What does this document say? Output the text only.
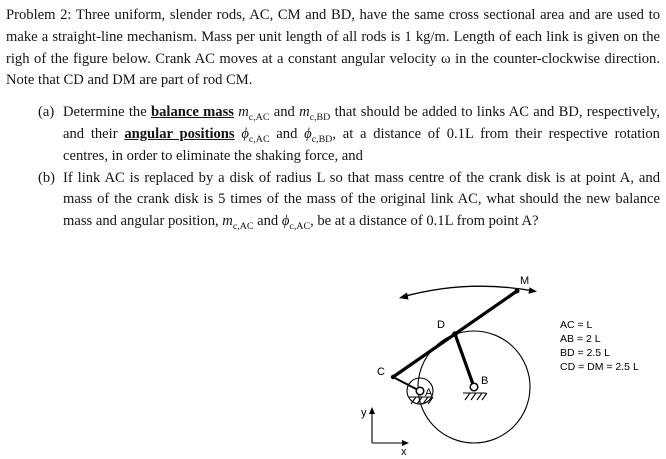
Problem 2: Three uniform, slender rods, AC, CM and BD, have the same cross sectional area and are used to make a straight-line mechanism. Mass per unit length of all rods is 1 kg/m. Length of each link is given on the righ of the figure below. Crank AC moves at a constant angular velocity ω in the counter-clockwise direction. Note that CD and DM are part of rod CM.

(a) Determine the balance mass $m_{c,AC}$ and $m_{c,BD}$ that should be added to links AC and BD, respectively, and their angular positions $\phi_{c,AC}$ and $\phi_{c,BD}$, at a distance of 0.1L from their respective rotation centres, in order to eliminate the shaking force, and

(b) If link AC is replaced by a disk of radius L so that mass centre of the crank disk is at point A, and mass of the crank disk is 5 times of the mass of the original link AC, what should the new balance mass and angular position, $m_{c,AC}$ and $\phi_{c,AC}$, be at a distance of 0.1L from point A?

y
x
M
D
C
A
B
AC = L
AB = 2 L
BD = 2.5 L
CD = DM = 2.5 L
